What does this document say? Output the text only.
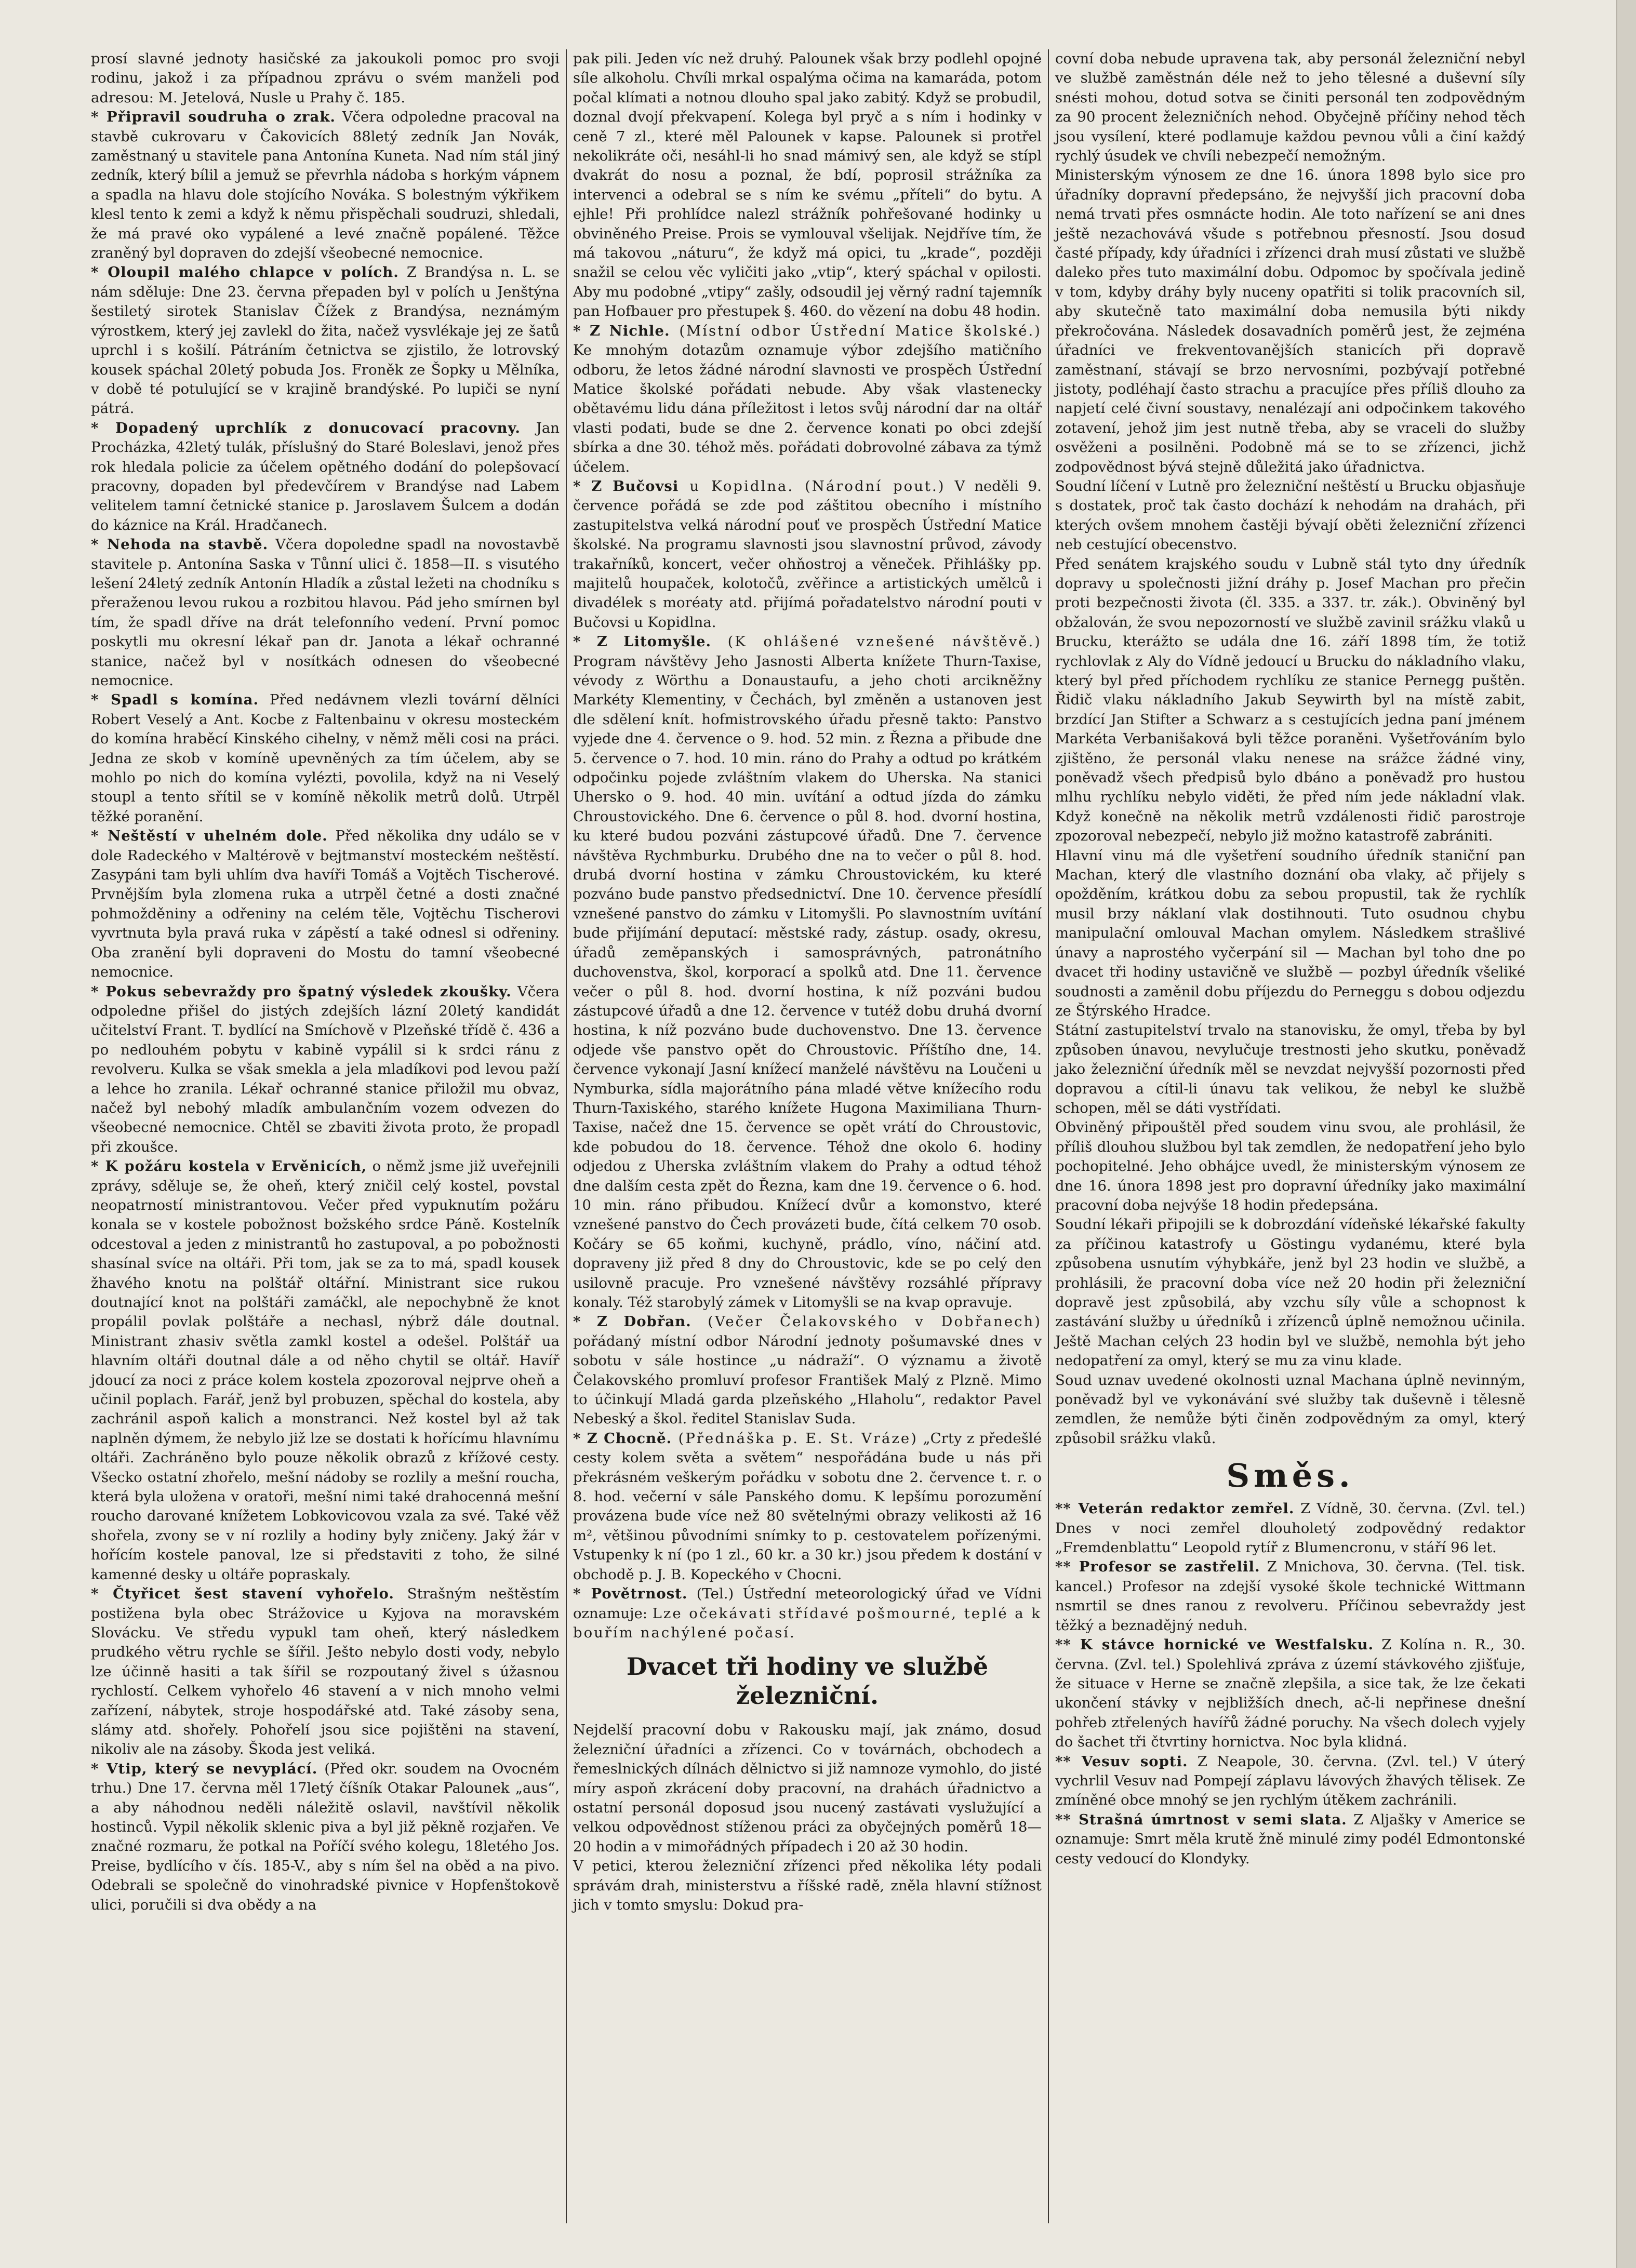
prosí slavné jednoty hasičské za jakoukoli pomoc pro svoji rodinu, jakož i za případnou zprávu o svém manželi pod adresou: M. Jetelová, Nusle u Prahy č. 185.

* Připravil soudruha o zrak. Včera odpoledne pracoval na stavbě cukrovaru v Čakovicích 88letý zedník Jan Novák, zaměstnaný u stavitele pana Antonína Kuneta. Nad ním stál jiný zedník, který bílil a jemuž se převrhla nádoba s horkým vápnem a spadla na hlavu dole stojícího Nováka. S bolestným výkřikem klesl tento k zemi a když k němu přispěchali soudruzi, shledali, že má pravé oko vypálené a levé značně popálené. Těžce zraněný byl dopraven do zdejší všeobecné nemocnice.

* Oloupil malého chlapce v polích. Z Brandýsa n. L. se nám sděluje: Dne 23. června přepaden byl v polích u Jenštýna šestiletý sirotek Stanislav Čížek z Brandýsa, neznámým výrostkem, který jej zavlekl do žita, načež vysvlékaje jej ze šatů uprchl i s košilí. Pátráním četnictva se zjistilo, že lotrovský kousek spáchal 20letý pobuda Jos. Froněk ze Šopky u Mělníka, v době té potulující se v krajině brandýské. Po lupiči se nyní pátrá.

* Dopadený uprchlík z donucovací pracovny. Jan Procházka, 42letý tulák, příslušný do Staré Boleslavi, jenož přes rok hledala policie za účelem opětného dodání do polepšovací pracovny, dopaden byl předevčírem v Brandýse nad Labem velitelem tamní četnické stanice p. Jaroslavem Šulcem a dodán do káznice na Král. Hradčanech.

* Nehoda na stavbě. Včera dopoledne spadl na novostavbě stavitele p. Antonína Saska v Tůnní ulici č. 1858—II. s visutého lešení 24letý zedník Antonín Hladík a zůstal ležeti na chodníku s přeraženou levou rukou a rozbitou hlavou. Pád jeho smírnen byl tím, že spadl dříve na drát telefonního vedení. První pomoc poskytli mu okresní lékař pan dr. Janota a lékař ochranné stanice, načež byl v nosítkách odnesen do všeobecné nemocnice.

* Spadl s komína. Před nedávnem vlezli tovární dělníci Robert Veselý a Ant. Kocbe z Faltenbainu v okresu mosteckém do komína hraběcí Kinského cihelny, v němž měli cosi na práci. Jedna ze skob v komíně upevněných za tím účelem, aby se mohlo po nich do komína vylézti, povolila, když na ni Veselý stoupl a tento sřítil se v komíně několik metrů dolů. Utrpěl těžké poranění.

* Neštěstí v uhelném dole. Před několika dny událo se v dole Radeckého v Maltérově v bejtmanství mosteckém neštěstí. Zasypáni tam byli uhlím dva havíři Tomáš a Vojtěch Tischerové. Prvnějším byla zlomena ruka a utrpěl četné a dosti značné pohmožděniny a odřeniny na celém těle, Vojtěchu Tischerovi vyvrtnuta byla pravá ruka v zápěstí a také odnesl si odřeniny. Oba zranění byli dopraveni do Mostu do tamní všeobecné nemocnice.

* Pokus sebevraždy pro špatný výsledek zkoušky. Včera odpoledne přišel do jistých zdejších lázní 20letý kandidát učitelství Frant. T. bydlící na Smíchově v Plzeňské třídě č. 436 a po nedlouhém pobytu v kabině vypálil si k srdci ránu z revolveru. Kulka se však smekla a jela mladíkovi pod levou paží a lehce ho zranila. Lékař ochranné stanice přiložil mu obvaz, načež byl nebohý mladík ambulančním vozem odvezen do všeobecné nemocnice. Chtěl se zbaviti života proto, že propadl při zkoušce.

* K požáru kostela v Ervěnicích, o němž jsme již uveřejnili zprávy, sděluje se, že oheň, který zničil celý kostel, povstal neopatrností ministrantovou. Večer před vypuknutím požáru konala se v kostele pobožnost božského srdce Páně. Kostelník odcestoval a jeden z ministrantů ho zastupoval, a po pobožnosti shasínal svíce na oltáři. Při tom, jak se za to má, spadl kousek žhavého knotu na polštář oltářní. Ministrant sice rukou doutnající knot na polštáři zamáčkl, ale nepochybně že knot propálil povlak polštáře a nechasl, nýbrž dále doutnal. Ministrant zhasiv světla zamkl kostel a odešel. Polštář ua hlavním oltáři doutnal dále a od něho chytil se oltář. Havíř jdoucí za noci z práce kolem kostela zpozoroval nejprve oheň a učinil poplach. Farář, jenž byl probuzen, spěchal do kostela, aby zachránil aspoň kalich a monstranci. Než kostel byl až tak naplněn dýmem, že nebylo již lze se dostati k hořícímu hlavnímu oltáři. Zachráněno bylo pouze několik obrazů z křížové cesty. Všecko ostatní zhořelo, mešní nádoby se rozlily a mešní roucha, která byla uložena v oratoři, mešní nimi také drahocenná mešní roucho darované knížetem Lobkovicovou vzala za své. Také věž shořela, zvony se v ní rozlily a hodiny byly zničeny. Jaký žár v hořícím kostele panoval, lze si představiti z toho, že silné kamenné desky u oltáře popraskaly.

* Čtyřicet šest stavení vyhořelo. Strašným neštěstím postižena byla obec Strážovice u Kyjova na moravském Slovácku. Ve středu vypukl tam oheň, který následkem prudkého větru rychle se šířil. Ješto nebylo dosti vody, nebylo lze účinně hasiti a tak šířil se rozpoutaný živel s úžasnou rychlostí. Celkem vyhořelo 46 stavení a v nich mnoho velmi zařízení, nábytek, stroje hospodářské atd. Také zásoby sena, slámy atd. shořely. Pohořelí jsou sice pojištěni na stavení, nikoliv ale na zásoby. Škoda jest veliká.

* Vtip, který se nevyplácí. (Před okr. soudem na Ovocném trhu.) Dne 17. června měl 17letý číšník Otakar Palounek „aus“, a aby náhodnou neděli náležitě oslavil, navštívil několik hostinců. Vypil několik sklenic piva a byl již pěkně rozjařen. Ve značné rozmaru, že potkal na Poříčí svého kolegu, 18letého Jos. Preise, bydlícího v čís. 185-V., aby s ním šel na oběd a na pivo. Odebrali se společně do vinohradské pivnice v Hopfenštokově ulici, poručili si dva obědy a na

pak pili. Jeden víc než druhý. Palounek však brzy podlehl opojné síle alkoholu. Chvíli mrkal ospalýma očima na kamaráda, potom počal klímati a notnou dlouho spal jako zabitý. Když se probudil, doznal dvojí překvapení. Kolega byl pryč a s ním i hodinky v ceně 7 zl., které měl Palounek v kapse. Palounek si protřel nekolikráte oči, nesáhl-li ho snad mámivý sen, ale když se stípl dvakrát do nosu a poznal, že bdí, poprosil strážníka za intervenci a odebral se s ním ke svému „příteli“ do bytu. A ejhle! Při prohlídce nalezl strážník pohřešované hodinky u obviněného Preise. Prois se vymlouval všelijak. Nejdříve tím, že má takovou „náturu“, že když má opici, tu „krade“, později snažil se celou věc vyličiti jako „vtip“, který spáchal v opilosti. Aby mu podobné „vtipy“ zašly, odsoudil jej věrný radní tajemník pan Hofbauer pro přestupek §. 460. do vězení na dobu 48 hodin.

* Z Nichle. (Místní odbor Ústřední Matice školské.) Ke mnohým dotazům oznamuje výbor zdejšího matičního odboru, že letos žádné národní slavnosti ve prospěch Ústřední Matice školské pořádati nebude. Aby však vlastenecky obětavému lidu dána příležitost i letos svůj národní dar na oltář vlasti podati, bude se dne 2. července konati po obci zdejší sbírka a dne 30. téhož měs. pořádati dobrovolné zábava za týmž účelem.

* Z Bučovsi u Kopidlna. (Národní pout.) V neděli 9. července pořádá se zde pod záštitou obecního i místního zastupitelstva velká národní pouť ve prospěch Ústřední Matice školské. Na programu slavnosti jsou slavnostní průvod, závody trakařníků, koncert, večer ohňostroj a věneček. Přihlášky pp. majitelů houpaček, kolotočů, zvěřince a artistických umělců i divadélek s moréaty atd. přijímá pořadatelstvo národní pouti v Bučovsi u Kopidlna.

* Z Litomyšle. (K ohlášené vznešené návštěvě.) Program návštěvy Jeho Jasnosti Alberta knížete Thurn-Taxise, vévody z Wörthu a Donaustaufu, a jeho choti arcikněžny Markéty Klementiny, v Čechách, byl změněn a ustanoven jest dle sdělení knít. hofmistrovského úřadu přesně takto: Panstvo vyjede dne 4. července o 9. hod. 52 min. z Řezna a přibude dne 5. července o 7. hod. 10 min. ráno do Prahy a odtud po krátkém odpočinku pojede zvláštním vlakem do Uherska. Na stanici Uhersko o 9. hod. 40 min. uvítání a odtud jízda do zámku Chroustovického. Dne 6. července o půl 8. hod. dvorní hostina, ku které budou pozváni zástupcové úřadů. Dne 7. července návštěva Rychmburku. Drubého dne na to večer o půl 8. hod. drubá dvorní hostina v zámku Chroustovickém, ku které pozváno bude panstvo předsednictví. Dne 10. července přesídlí vznešené panstvo do zámku v Litomyšli. Po slavnostním uvítání bude přijímání deputací: městské rady, zástup. osady, okresu, úřadů zeměpanských i samosprávných, patronátního duchovenstva, škol, korporací a spolků atd. Dne 11. července večer o půl 8. hod. dvorní hostina, k níž pozváni budou zástupcové úřadů a dne 12. července v tutéž dobu druhá dvorní hostina, k níž pozváno bude duchovenstvo. Dne 13. července odjede vše panstvo opět do Chroustovic. Příštího dne, 14. července vykonají Jasní knížecí manželé návštěvu na Loučeni u Nymburka, sídla majorátního pána mladé větve knížecího rodu Thurn-Taxiského, starého knížete Hugona Maximiliana Thurn-Taxise, načež dne 15. července se opět vrátí do Chroustovic, kde pobudou do 18. července. Téhož dne okolo 6. hodiny odjedou z Uherska zvláštním vlakem do Prahy a odtud téhož dne dalším cesta zpět do Řezna, kam dne 19. července o 6. hod. 10 min. ráno přibudou. Knížecí dvůr a komonstvo, které vznešené panstvo do Čech provázeti bude, čítá celkem 70 osob. Kočáry se 65 koňmi, kuchyně, prádlo, víno, náčiní atd. dopraveny již před 8 dny do Chroustovic, kde se po celý den usilovně pracuje. Pro vznešené návštěvy rozsáhlé přípravy konaly. Též starobylý zámek v Litomyšli se na kvap opravuje.

* Z Dobřan. (Večer Čelakovského v Dobřanech) pořádaný místní odbor Národní jednoty pošumavské dnes v sobotu v sále hostince „u nádraží“. O významu a životě Čelakovského promluví profesor František Malý z Plzně. Mimo to účinkují Mladá garda plzeňského „Hlaholu“, redaktor Pavel Nebeský a škol. ředitel Stanislav Suda.

* Z Chocně. (Přednáška p. E. St. Vráze) „Crty z předešlé cesty kolem světa a světem“ nespořádána bude u nás při překrásném veškerým pořádku v sobotu dne 2. července t. r. o 8. hod. večerní v sále Panského domu. K lepšímu porozumění provázena bude více než 80 světelnými obrazy velikosti až 16 m², většinou původními snímky to p. cestovatelem pořízenými. Vstupenky k ní (po 1 zl., 60 kr. a 30 kr.) jsou předem k dostání v obchodě p. J. B. Kopeckého v Chocni.

* Povětrnost. (Tel.) Ústřední meteorologický úřad ve Vídni oznamuje: Lze očekávati střídavé pošmourné, teplé a k bouřím nachýlené počasí.

Dvacet tři hodiny ve službě
železniční.

Nejdelší pracovní dobu v Rakousku mají, jak známo, dosud železniční úřadníci a zřízenci. Co v továrnách, obchodech a řemeslnických dílnách dělnictvo si již namnoze vymohlo, do jisté míry aspoň zkrácení doby pracovní, na drahách úřadnictvo a ostatní personál doposud jsou nucený zastávati vyslužující a velkou odpovědnost stíženou práci za obyčejných poměrů 18—20 hodin a v mimořádných případech i 20 až 30 hodin.

V petici, kterou železniční zřízenci před několika léty podali správám drah, ministerstvu a říšské radě, zněla hlavní stížnost jich v tomto smyslu: Dokud pra-

covní doba nebude upravena tak, aby personál železniční nebyl ve službě zaměstnán déle než to jeho tělesné a duševní síly snésti mohou, dotud sotva se činiti personál ten zodpovědným za 90 procent železničních nehod. Obyčejně příčiny nehod těch jsou vysílení, které podlamuje každou pevnou vůli a činí každý rychlý úsudek ve chvíli nebezpečí nemožným.

Ministerským výnosem ze dne 16. února 1898 bylo sice pro úřadníky dopravní předepsáno, že nejvyšší jich pracovní doba nemá trvati přes osmnácte hodin. Ale toto nařízení se ani dnes ještě nezachovává všude s potřebnou přesností. Jsou dosud časté případy, kdy úřadníci i zřízenci drah musí zůstati ve službě daleko přes tuto maximální dobu. Odpomoc by spočívala jedině v tom, kdyby dráhy byly nuceny opatřiti si tolik pracovních sil, aby skutečně tato maximální doba nemusila býti nikdy překročována. Následek dosavadních poměrů jest, že zejména úřadníci ve frekventovanějších stanicích při dopravě zaměstnaní, stávají se brzo nervosními, pozbývají potřebné jistoty, podléhají často strachu a pracujíce přes příliš dlouho za napjetí celé čivní soustavy, nenalézají ani odpočinkem takového zotavení, jehož jim jest nutně třeba, aby se vraceli do služby osvěženi a posilněni. Podobně má se to se zřízenci, jichž zodpovědnost bývá stejně důležitá jako úřadnictva.

Soudní líčení v Lutně pro železniční neštěstí u Brucku objasňuje s dostatek, proč tak často dochází k nehodám na drahách, při kterých ovšem mnohem častěji bývají oběti železniční zřízenci neb cestující obecenstvo.

Před senátem krajského soudu v Lubně stál tyto dny úředník dopravy u společnosti jižní dráhy p. Josef Machan pro přečin proti bezpečnosti života (čl. 335. a 337. tr. zák.). Obviněný byl obžalován, že svou nepozorností ve službě zavinil srážku vlaků u Brucku, kterážto se udála dne 16. září 1898 tím, že totiž rychlovlak z Aly do Vídně jedoucí u Brucku do nákladního vlaku, který byl před příchodem rychlíku ze stanice Pernegg puštěn. Řidič vlaku nákladního Jakub Seywirth byl na místě zabit, brzdící Jan Stifter a Schwarz a s cestujících jedna paní jménem Markéta Verbanišaková byli těžce poraněni. Vyšetřováním bylo zjištěno, že personál vlaku nenese na srážce žádné viny, poněvadž všech předpisů bylo dbáno a poněvadž pro hustou mlhu rychlíku nebylo viděti, že před ním jede nákladní vlak. Když konečně na několik metrů vzdálenosti řidič parostroje zpozoroval nebezpečí, nebylo již možno katastrofě zabrániti.

Hlavní vinu má dle vyšetření soudního úředník staniční pan Machan, který dle vlastního doznání oba vlaky, ač přijely s opožděním, krátkou dobu za sebou propustil, tak že rychlík musil brzy náklaní vlak dostihnouti. Tuto osudnou chybu manipulační omlouval Machan omylem. Následkem strašlivé únavy a naprostého vyčerpání sil — Machan byl toho dne po dvacet tři hodiny ustavičně ve službě — pozbyl úředník všeliké soudnosti a zaměnil dobu příjezdu do Perneggu s dobou odjezdu ze Štýrského Hradce.

Státní zastupitelství trvalo na stanovisku, že omyl, třeba by byl způsoben únavou, nevylučuje trestnosti jeho skutku, poněvadž jako železniční úředník měl se nevzdat nejvyšší pozornosti před dopravou a cítil-li únavu tak velikou, že nebyl ke službě schopen, měl se dáti vystřídati.

Obviněný připouštěl před soudem vinu svou, ale prohlásil, že příliš dlouhou službou byl tak zemdlen, že nedopatření jeho bylo pochopitelné. Jeho obhájce uvedl, že ministerským výnosem ze dne 16. února 1898 jest pro dopravní úředníky jako maximální pracovní doba nejvýše 18 hodin předepsána.

Soudní lékaři připojili se k dobrozdání vídeňské lékařské fakulty za příčinou katastrofy u Göstingu vydanému, které byla způsobena usnutím výhybkáře, jenž byl 23 hodin ve službě, a prohlásili, že pracovní doba více než 20 hodin při železniční dopravě jest způsobilá, aby vzchu síly vůle a schopnost k zastávání služby u úředníků i zřízenců úplně nemožnou učinila. Ještě Machan celých 23 hodin byl ve službě, nemohla být jeho nedopatření za omyl, který se mu za vinu klade.

Soud uznav uvedené okolnosti uznal Machana úplně nevinným, poněvadž byl ve vykonávání své služby tak duševně i tělesně zemdlen, že nemůže býti činěn zodpovědným za omyl, který způsobil srážku vlaků.

Směs.

** Veterán redaktor zemřel. Z Vídně, 30. června. (Zvl. tel.) Dnes v noci zemřel dlouholetý zodpovědný redaktor „Fremdenblattu“ Leopold rytíř z Blumencronu, v stáří 96 let.

** Profesor se zastřelil. Z Mnichova, 30. června. (Tel. tisk. kancel.) Profesor na zdejší vysoké škole technické Wittmann nsmrtil se dnes ranou z revolveru. Příčinou sebevraždy jest těžký a beznadějný neduh.

** K stávce hornické ve Westfalsku. Z Kolína n. R., 30. června. (Zvl. tel.) Spolehlivá zpráva z území stávkového zjišťuje, že situace v Herne se značně zlepšila, a sice tak, že lze čekati ukončení stávky v nejbližších dnech, ač-li nepřinese dnešní pohřeb ztřelených havířů žádné poruchy. Na všech dolech vyjely do šachet tři čtvrtiny hornictva. Noc byla klidná.

** Vesuv sopti. Z Neapole, 30. června. (Zvl. tel.) V úterý vychrlil Vesuv nad Pompejí záplavu lávových žhavých tělisek. Ze zmíněné obce mnohý se jen rychlým útěkem zachránili.

** Strašná úmrtnost v semi slata. Z Aljašky v Americe se oznamuje: Smrt měla krutě žně minulé zimy podél Edmontonské cesty vedoucí do Klondyky.
